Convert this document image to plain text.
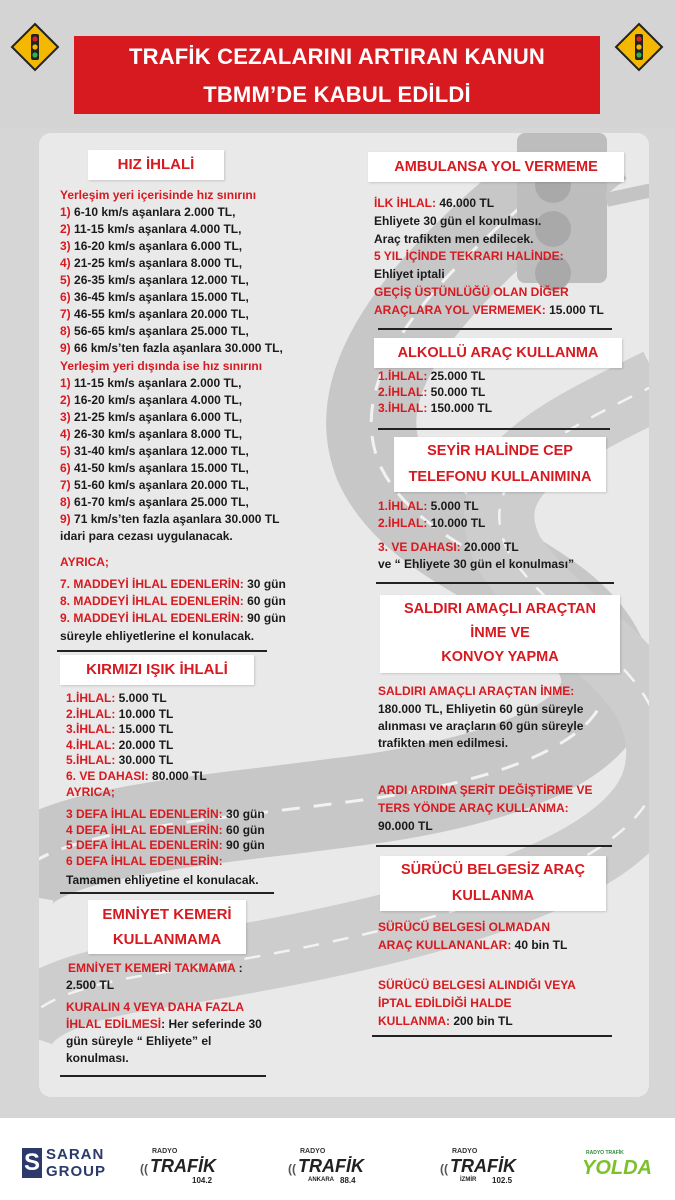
TRAFİK CEZALARINI ARTIRAN KANUN
TBMM’DE KABUL EDİLDİ
HIZ İHLALİ
Yerleşim yeri içerisinde hız sınırını
1) 6-10 km/s aşanlara 2.000 TL,
2) 11-15 km/s aşanlara 4.000 TL,
3) 16-20 km/s aşanlara 6.000 TL,
4) 21-25 km/s aşanlara 8.000 TL,
5) 26-35 km/s aşanlara 12.000 TL,
6) 36-45 km/s aşanlara 15.000 TL,
7) 46-55 km/s aşanlara 20.000 TL,
8) 56-65 km/s aşanlara 25.000 TL,
9) 66 km/s’ten fazla aşanlara 30.000 TL,
Yerleşim yeri dışında ise hız sınırını
1) 11-15 km/s aşanlara 2.000 TL,
2) 16-20 km/s aşanlara 4.000 TL,
3) 21-25 km/s aşanlara 6.000 TL,
4) 26-30 km/s aşanlara 8.000 TL,
5) 31-40 km/s aşanlara 12.000 TL,
6) 41-50 km/s aşanlara 15.000 TL,
7) 51-60 km/s aşanlara 20.000 TL,
8) 61-70 km/s aşanlara 25.000 TL,
9) 71 km/s’ten fazla aşanlara 30.000 TL
idari para cezası uygulanacak.
AYRICA;
7. MADDEYİ İHLAL EDENLERİN: 30 gün
8. MADDEYİ İHLAL EDENLERİN: 60 gün
9. MADDEYİ İHLAL EDENLERİN: 90 gün
süreyle ehliyetlerine el konulacak.
KIRMIZI IŞIK İHLALİ
1.İHLAL: 5.000 TL
2.İHLAL: 10.000 TL
3.İHLAL: 15.000 TL
4.İHLAL: 20.000 TL
5.İHLAL: 30.000 TL
6. VE DAHASI: 80.000 TL
AYRICA;
3 DEFA İHLAL EDENLERİN: 30 gün
4 DEFA İHLAL EDENLERİN: 60 gün
5 DEFA İHLAL EDENLERİN: 90 gün
6 DEFA İHLAL EDENLERİN:
Tamamen ehliyetine el konulacak.
EMNİYET KEMERİ
KULLANMAMA
EMNİYET KEMERİ TAKMAMA :
2.500 TL
KURALIN 4 VEYA DAHA FAZLA
İHLAL EDİLMESİ: Her seferinde 30
gün süreyle “ Ehliyete” el
konulması.
AMBULANSA YOL VERMEME
İLK İHLAL: 46.000 TL
Ehliyete 30 gün el konulması.
Araç trafikten men edilecek.
5 YIL İÇİNDE TEKRARI HALİNDE:
Ehliyet iptali
GEÇİŞ ÜSTÜNLÜĞÜ OLAN DİĞER
ARAÇLARA YOL VERMEMEK: 15.000 TL
ALKOLLÜ ARAÇ KULLANMA
1.İHLAL: 25.000 TL
2.İHLAL: 50.000 TL
3.İHLAL: 150.000 TL
SEYİR HALİNDE CEP
TELEFONU KULLANIMINA
1.İHLAL: 5.000 TL
2.İHLAL: 10.000 TL
3. VE DAHASI: 20.000 TL
ve “ Ehliyete 30 gün el konulması”
SALDIRI AMAÇLI ARAÇTAN
İNME VE
KONVOY YAPMA
SALDIRI AMAÇLI ARAÇTAN İNME:
180.000 TL, Ehliyetin 60 gün süreyle
alınması ve araçların 60 gün süreyle
trafikten men edilmesi.
ARDI ARDINA ŞERİT DEĞİŞTİRME VE
TERS YÖNDE ARAÇ KULLANMA:
90.000 TL
SÜRÜCÜ BELGESİZ ARAÇ
KULLANMA
SÜRÜCÜ BELGESİ OLMADAN
ARAÇ KULLANANLAR: 40 bin TL
SÜRÜCÜ BELGESİ ALINDIĞI VEYA
İPTAL EDİLDİĞİ HALDE
KULLANMA: 200 bin TL
S SARAN
GROUP	((
RADYO
TRAFİK
104.2
((
RADYO
TRAFİK
ANKARA 88.4
((
RADYO
TRAFİK
İZMİR 102.5
RADYO TRAFİK
YOLDA
